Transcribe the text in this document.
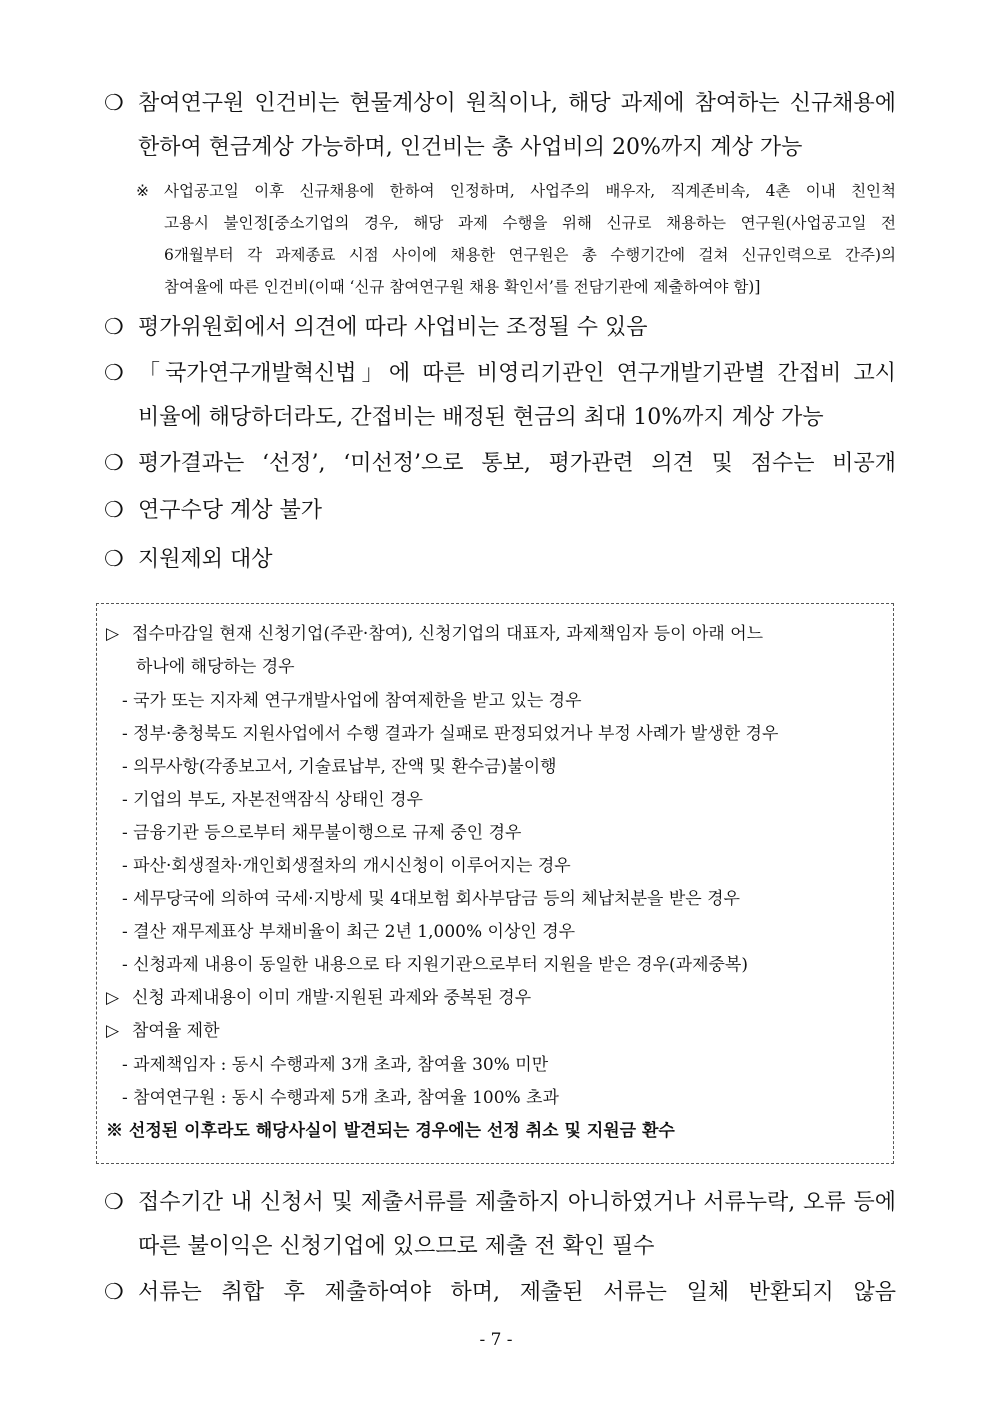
❍ 참여연구원 인건비는 현물계상이 원칙이나, 해당 과제에 참여하는 신규채용에
한하여 현금계상 가능하며, 인건비는 총 사업비의 20%까지 계상 가능
※ 사업공고일 이후 신규채용에 한하여 인정하며, 사업주의 배우자, 직계존비속, 4촌 이내 친인척
고용시 불인정[중소기업의 경우, 해당 과제 수행을 위해 신규로 채용하는 연구원(사업공고일 전
6개월부터 각 과제종료 시점 사이에 채용한 연구원은 총 수행기간에 걸쳐 신규인력으로 간주)의
참여율에 따른 인건비(이때 ‘신규 참여연구원 채용 확인서’를 전담기관에 제출하여야 함)]
❍ 평가위원회에서 의견에 따라 사업비는 조정될 수 있음
❍ 「국가연구개발혁신법」에 따른 비영리기관인 연구개발기관별 간접비 고시
비율에 해당하더라도, 간접비는 배정된 현금의 최대 10%까지 계상 가능
❍ 평가결과는 ‘선정’, ‘미선정’으로 통보, 평가관련 의견 및 점수는 비공개
❍ 연구수당 계상 불가
❍ 지원제외 대상
▷ 접수마감일 현재 신청기업(주관·참여), 신청기업의 대표자, 과제책임자 등이 아래 어느
하나에 해당하는 경우
- 국가 또는 지자체 연구개발사업에 참여제한을 받고 있는 경우
- 정부·충청북도 지원사업에서 수행 결과가 실패로 판정되었거나 부정 사례가 발생한 경우
- 의무사항(각종보고서, 기술료납부, 잔액 및 환수금)불이행
- 기업의 부도, 자본전액잠식 상태인 경우
- 금융기관 등으로부터 채무불이행으로 규제 중인 경우
- 파산·회생절차·개인회생절차의 개시신청이 이루어지는 경우
- 세무당국에 의하여 국세·지방세 및 4대보험 회사부담금 등의 체납처분을 받은 경우
- 결산 재무제표상 부채비율이 최근 2년 1,000% 이상인 경우
- 신청과제 내용이 동일한 내용으로 타 지원기관으로부터 지원을 받은 경우(과제중복)
▷ 신청 과제내용이 이미 개발·지원된 과제와 중복된 경우
▷ 참여율 제한
- 과제책임자 : 동시 수행과제 3개 초과, 참여율 30% 미만
- 참여연구원 : 동시 수행과제 5개 초과, 참여율 100% 초과
※ 선정된 이후라도 해당사실이 발견되는 경우에는 선정 취소 및 지원금 환수
❍ 접수기간 내 신청서 및 제출서류를 제출하지 아니하였거나 서류누락, 오류 등에
따른 불이익은 신청기업에 있으므로 제출 전 확인 필수
❍ 서류는 취합 후 제출하여야 하며, 제출된 서류는 일체 반환되지 않음
- 7 -
